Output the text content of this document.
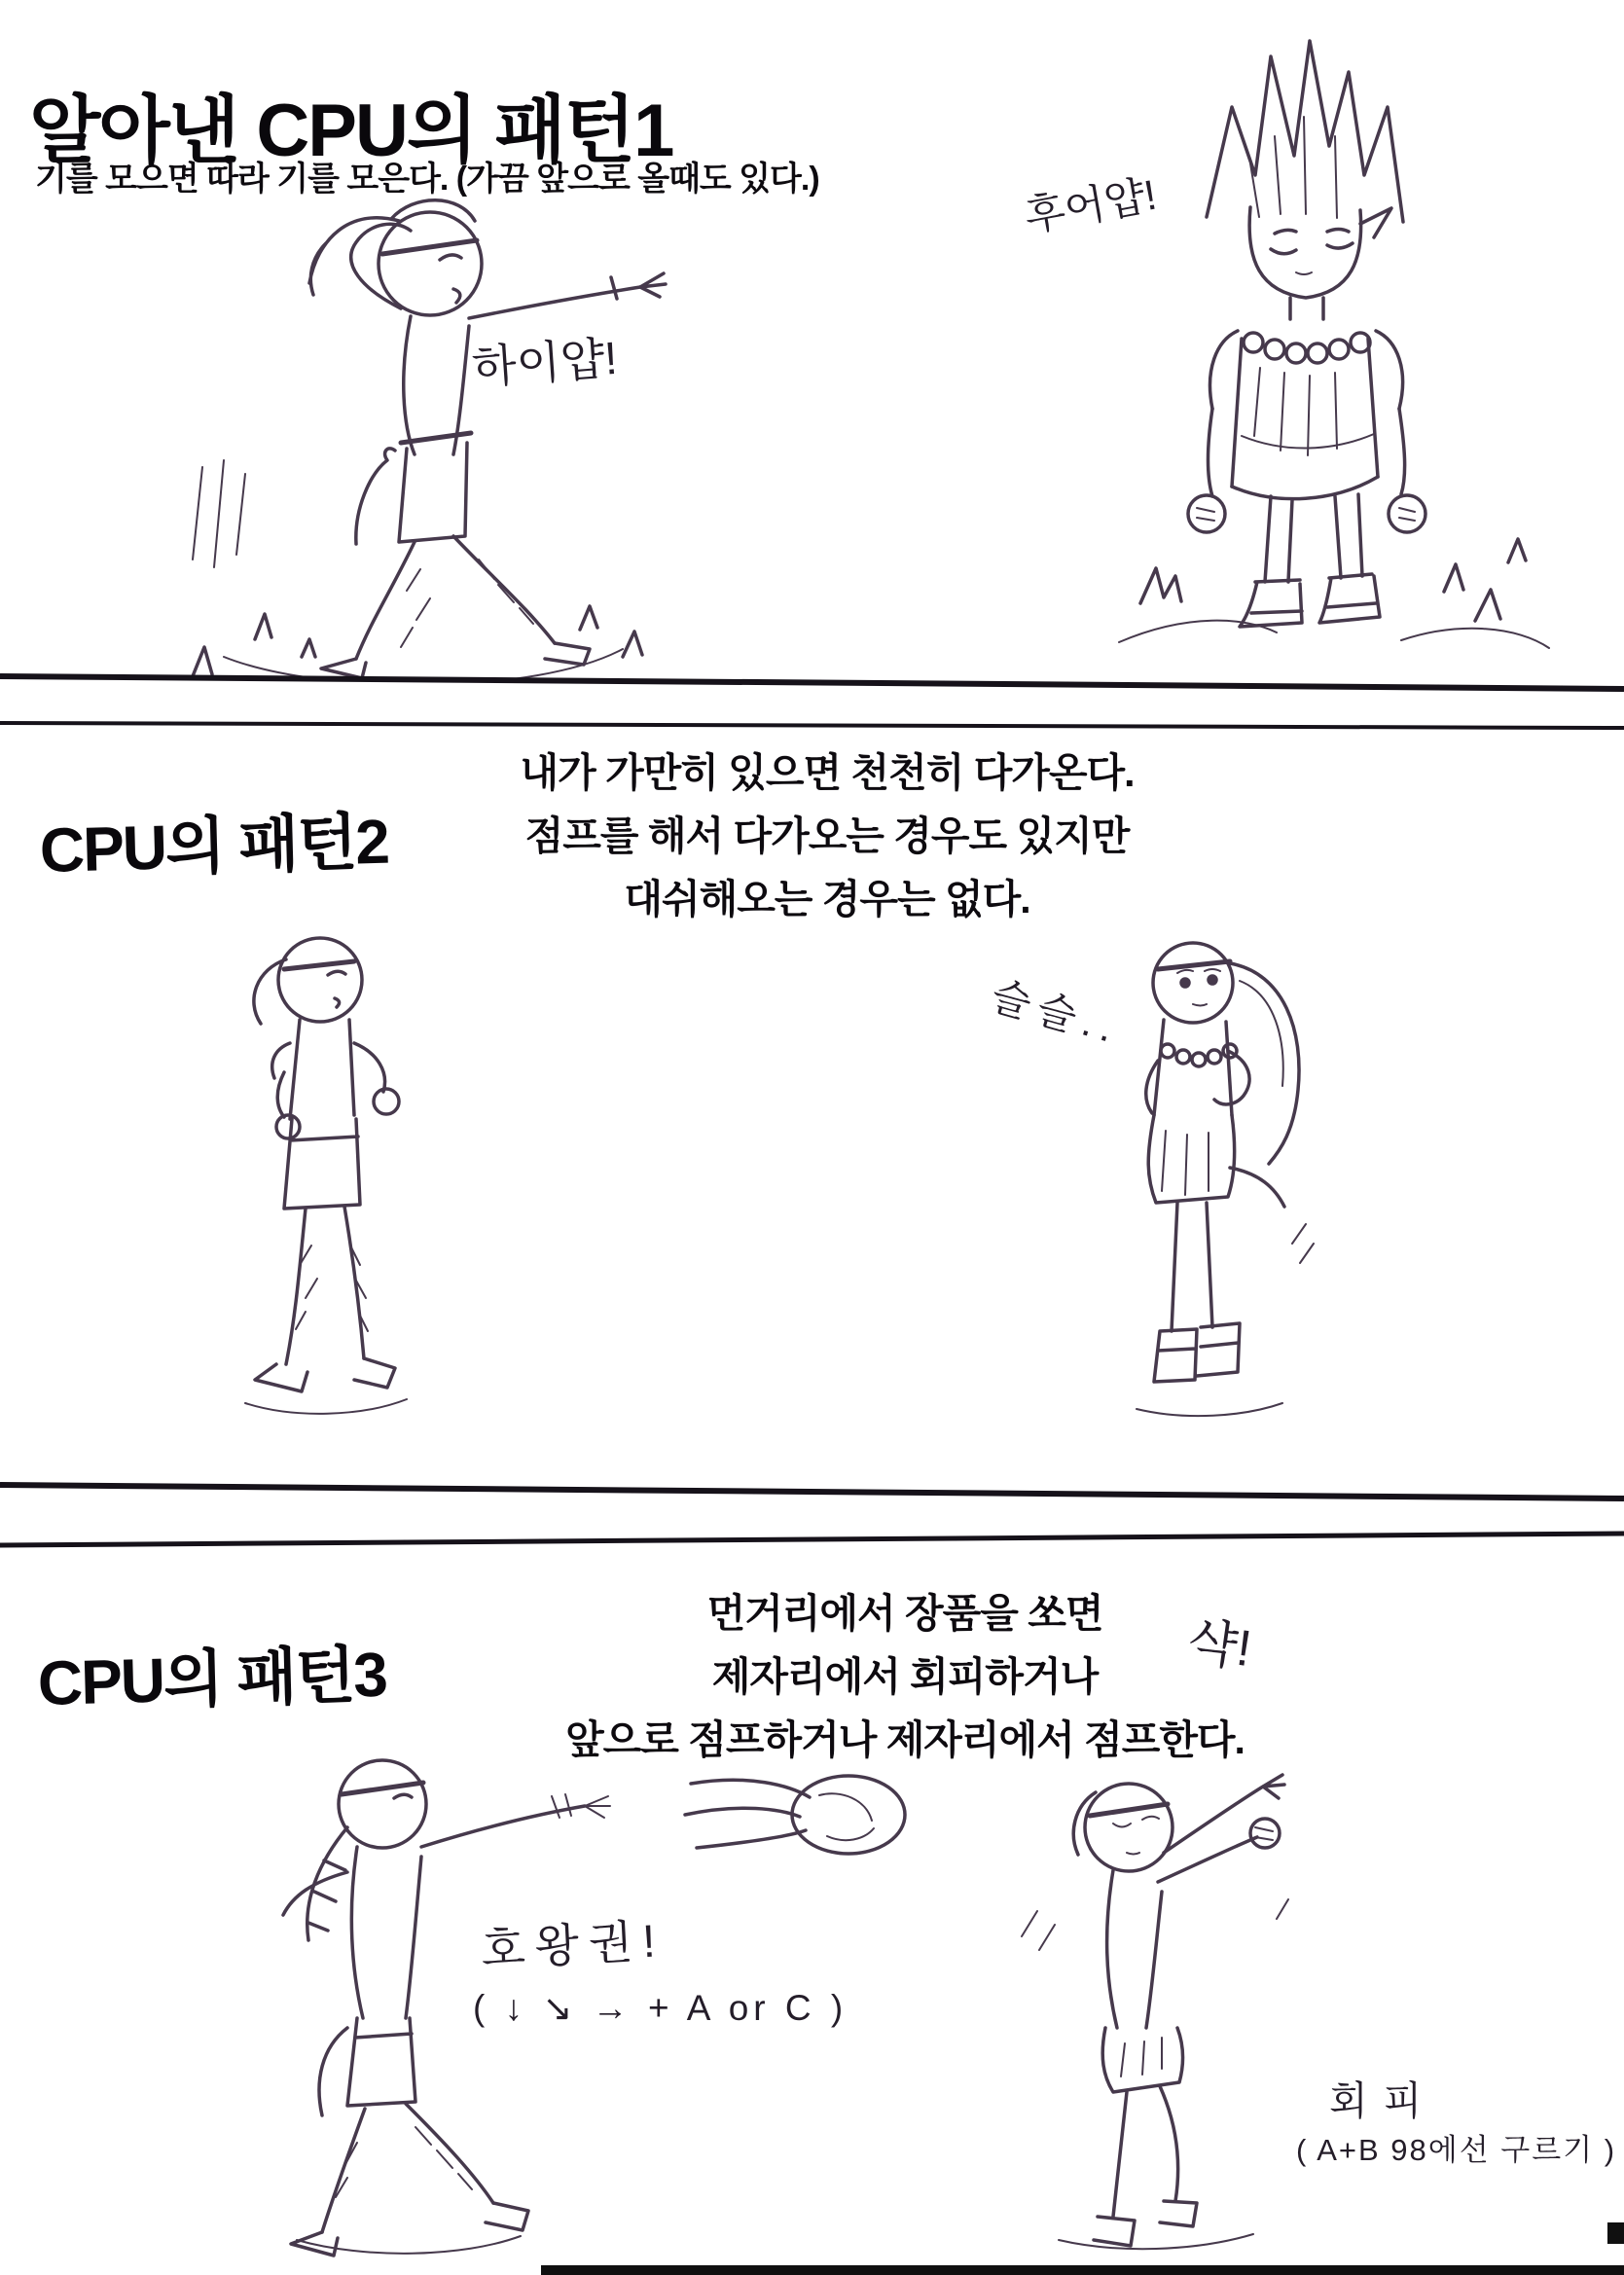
알아낸 CPU의 패턴1

기를 모으면 따라 기를 모은다. (가끔 앞으로 올때도 있다.)

하이얍!
후어얍!
CPU의 패턴2
내가 가만히 있으면 천천히 다가온다.
점프를 해서 다가오는 경우도 있지만
대쉬해오는 경우는 없다.
슬슬..
CPU의 패턴3
먼거리에서 장품을 쏘면
제자리에서 회피하거나
앞으로 점프하거나 제자리에서 점프한다.
샥!
호왕권!
( ↓ ↘ → + A or C )
회피
( A+B 98에선 구르기 )
